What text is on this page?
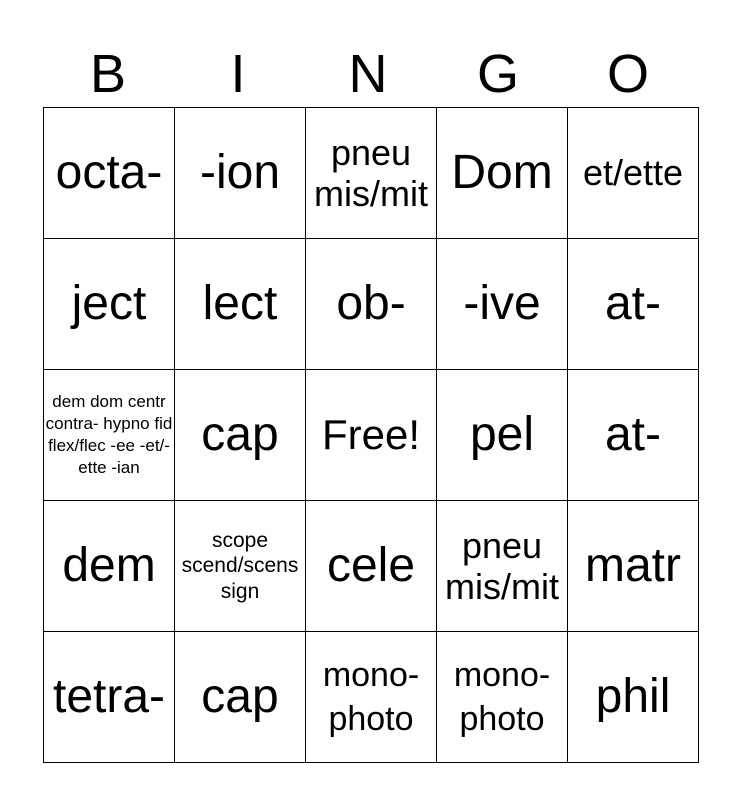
B	I	N	G	O
octa-	-ion	pneu mis/mit	Dom	et/ette

ject	lect	ob-	-ive	at-

dem dom centr contra- hypno fid flex/flec -ee -et/-ette -ian	cap	Free!	pel	at-

dem	scope scend/scens sign	cele	pneu mis/mit	matr

tetra-	cap	mono- photo	mono- photo	phil
